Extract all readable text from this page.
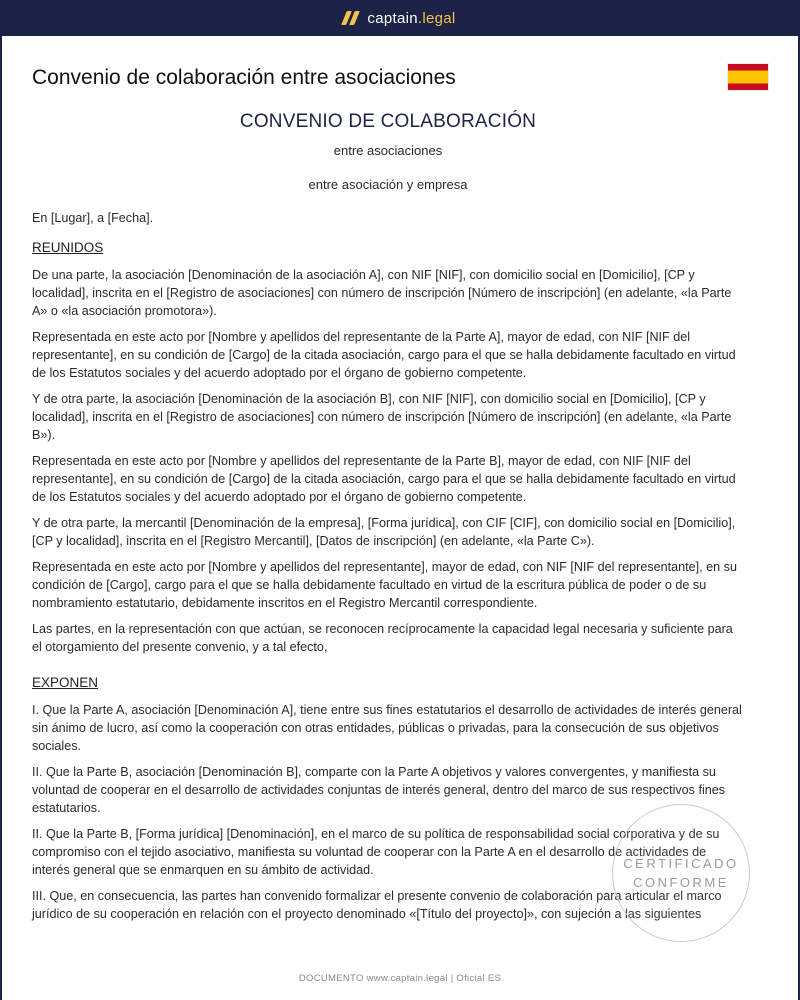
captain.legal
Convenio de colaboración entre asociaciones
CONVENIO DE COLABORACIÓN

entre asociaciones

entre asociación y empresa

En [Lugar], a [Fecha].

REUNIDOS

De una parte, la asociación [Denominación de la asociación A], con NIF [NIF], con domicilio social en [Domicilio], [CP y localidad], inscrita en el [Registro de asociaciones] con número de inscripción [Número de inscripción] (en adelante, «la Parte A» o «la asociación promotora»).

Representada en este acto por [Nombre y apellidos del representante de la Parte A], mayor de edad, con NIF [NIF del representante], en su condición de [Cargo] de la citada asociación, cargo para el que se halla debidamente facultado en virtud de los Estatutos sociales y del acuerdo adoptado por el órgano de gobierno competente.

Y de otra parte, la asociación [Denominación de la asociación B], con NIF [NIF], con domicilio social en [Domicilio], [CP y localidad], inscrita en el [Registro de asociaciones] con número de inscripción [Número de inscripción] (en adelante, «la Parte B»).

Representada en este acto por [Nombre y apellidos del representante de la Parte B], mayor de edad, con NIF [NIF del representante], en su condición de [Cargo] de la citada asociación, cargo para el que se halla debidamente facultado en virtud de los Estatutos sociales y del acuerdo adoptado por el órgano de gobierno competente.

Y de otra parte, la mercantil [Denominación de la empresa], [Forma jurídica], con CIF [CIF], con domicilio social en [Domicilio], [CP y localidad], inscrita en el [Registro Mercantil], [Datos de inscripción] (en adelante, «la Parte C»).

Representada en este acto por [Nombre y apellidos del representante], mayor de edad, con NIF [NIF del representante], en su condición de [Cargo], cargo para el que se halla debidamente facultado en virtud de la escritura pública de poder o de su nombramiento estatutario, debidamente inscritos en el Registro Mercantil correspondiente.

Las partes, en la representación con que actúan, se reconocen recíprocamente la capacidad legal necesaria y suficiente para el otorgamiento del presente convenio, y a tal efecto,

EXPONEN

I. Que la Parte A, asociación [Denominación A], tiene entre sus fines estatutarios el desarrollo de actividades de interés general sin ánimo de lucro, así como la cooperación con otras entidades, públicas o privadas, para la consecución de sus objetivos sociales.

II. Que la Parte B, asociación [Denominación B], comparte con la Parte A objetivos y valores convergentes, y manifiesta su voluntad de cooperar en el desarrollo de actividades conjuntas de interés general, dentro del marco de sus respectivos fines estatutarios.

II. Que la Parte B, [Forma jurídica] [Denominación], en el marco de su política de responsabilidad social corporativa y de su compromiso con el tejido asociativo, manifiesta su voluntad de cooperar con la Parte A en el desarrollo de actividades de interés general que se enmarquen en su ámbito de actividad.

III. Que, en consecuencia, las partes han convenido formalizar el presente convenio de colaboración para articular el marco jurídico de su cooperación en relación con el proyecto denominado «[Título del proyecto]», con sujeción a las siguientes

CERTIFICADO
CONFORME
DOCUMENTO www.captain.legal | Oficial ES
